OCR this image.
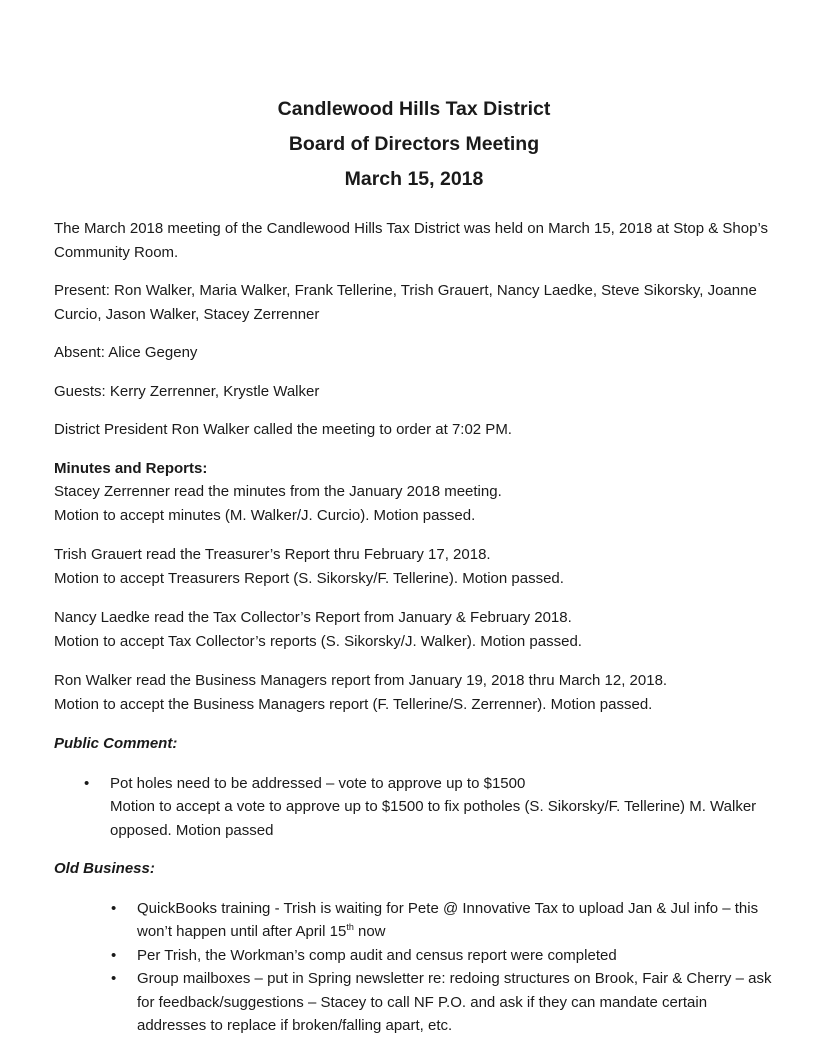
Candlewood Hills Tax District
Board of Directors Meeting
March 15, 2018

The March 2018 meeting of the Candlewood Hills Tax District was held on March 15, 2018 at Stop & Shop’s Community Room.

Present: Ron Walker, Maria Walker, Frank Tellerine, Trish Grauert, Nancy Laedke, Steve Sikorsky, Joanne Curcio, Jason Walker, Stacey Zerrenner

Absent: Alice Gegeny

Guests: Kerry Zerrenner, Krystle Walker

District President Ron Walker called the meeting to order at 7:02 PM.

Minutes and Reports:
Stacey Zerrenner read the minutes from the January 2018 meeting.
Motion to accept minutes (M. Walker/J. Curcio). Motion passed.
Trish Grauert read the Treasurer’s Report thru February 17, 2018.
Motion to accept Treasurers Report (S. Sikorsky/F. Tellerine). Motion passed.
Nancy Laedke read the Tax Collector’s Report from January & February 2018.
Motion to accept Tax Collector’s reports (S. Sikorsky/J. Walker). Motion passed.
Ron Walker read the Business Managers report from January 19, 2018 thru March 12, 2018.
Motion to accept the Business Managers report (F. Tellerine/S. Zerrenner). Motion passed.
Public Comment:
• Pot holes need to be addressed – vote to approve up to $1500
Motion to accept a vote to approve up to $1500 to fix potholes (S. Sikorsky/F. Tellerine) M. Walker opposed. Motion passed
Old Business:
• QuickBooks training - Trish is waiting for Pete @ Innovative Tax to upload Jan & Jul info – this won’t happen until after April 15th now
• Per Trish, the Workman’s comp audit and census report were completed
• Group mailboxes – put in Spring newsletter re: redoing structures on Brook, Fair & Cherry – ask for feedback/suggestions – Stacey to call NF P.O. and ask if they can mandate certain addresses to replace if broken/falling apart, etc.
